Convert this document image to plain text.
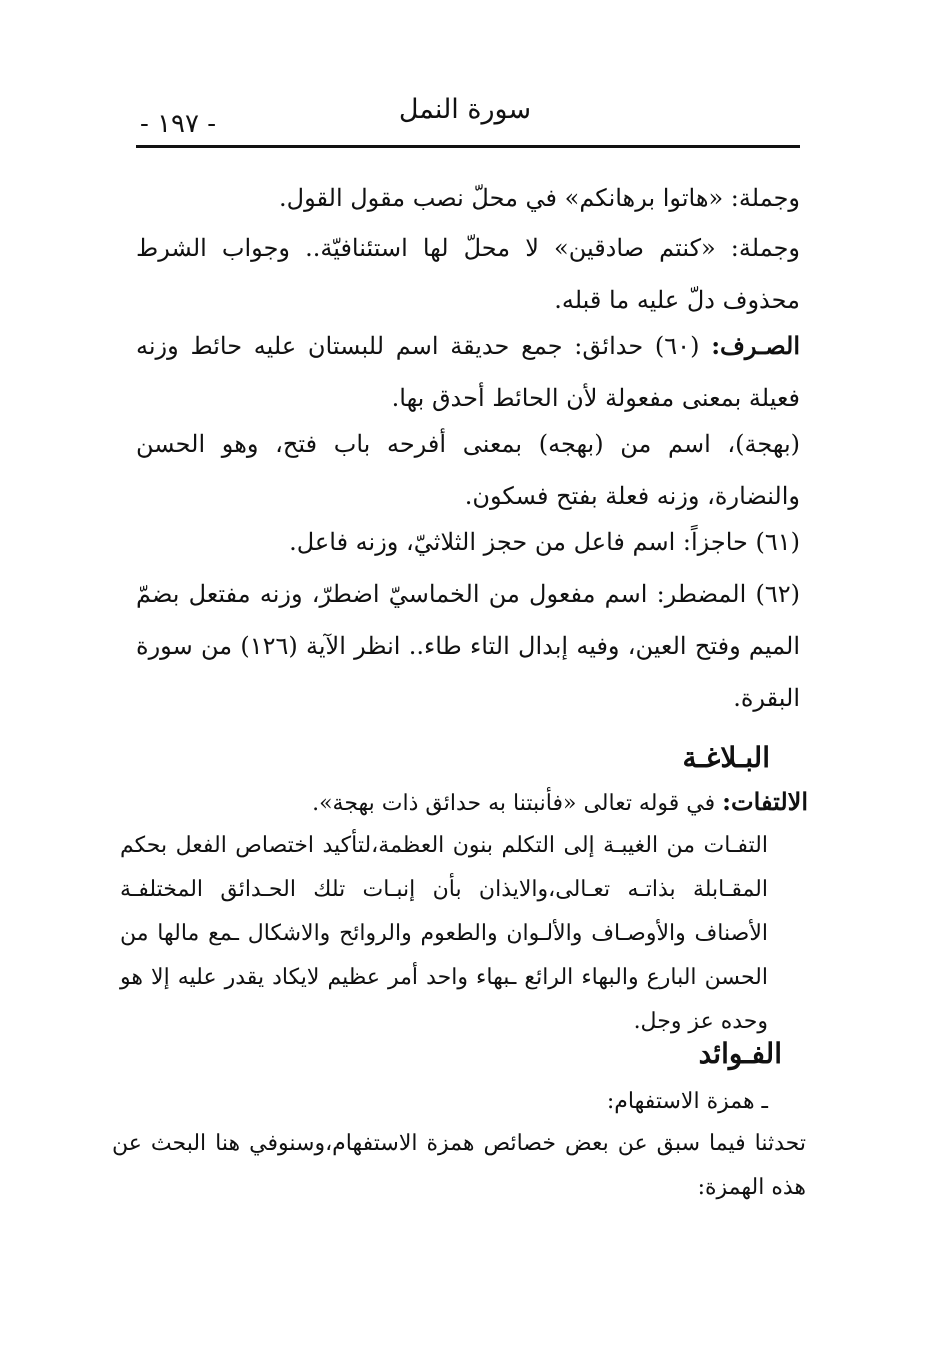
سورة النمل
- ١٩٧ -
وجملة: «هاتوا برهانكم» في محلّ نصب مقول القول.
وجملة: «كنتم صادقين» لا محلّ لها استئنافيّة.. وجواب الشرط محذوف دلّ عليه ما قبله.
الصـرف: (٦٠) حدائق: جمع حديقة اسم للبستان عليه حائط وزنه فعيلة بمعنى مفعولة لأن الحائط أحدق بها.
(بهجة)، اسم من (بهجه) بمعنى أفرحه باب فتح، وهو الحسن والنضارة، وزنه فعلة بفتح فسكون.
(٦١) حاجزاً: اسم فاعل من حجز الثلاثيّ، وزنه فاعل.
(٦٢) المضطر: اسم مفعول من الخماسيّ اضطرّ، وزنه مفتعل بضمّ الميم وفتح العين، وفيه إبدال التاء طاء.. انظر الآية (١٢٦) من سورة البقرة.
البـلاغـة
الالتفات: في قوله تعالى «فأنبتنا به حدائق ذات بهجة».
التفـات من الغيبـة إلى التكلم بنون العظمة،لتأكيد اختصاص الفعل بحكم المقـابلة بذاتـه تعـالى،والايذان بأن إنبـات تلك الحـدائق المختلفـة الأصناف والأوصـاف والألـوان والطعوم والروائح والاشكال ـمع مالها من الحسن البارع والبهاء الرائع ـبهاء واحد أمر عظيم لايكاد يقدر عليه إلا هو وحده عز وجل.
الفـوائد
ـ همزة الاستفهام:
تحدثنا فيما سبق عن بعض خصائص همزة الاستفهام،وسنوفي هنا البحث عن هذه الهمزة:
